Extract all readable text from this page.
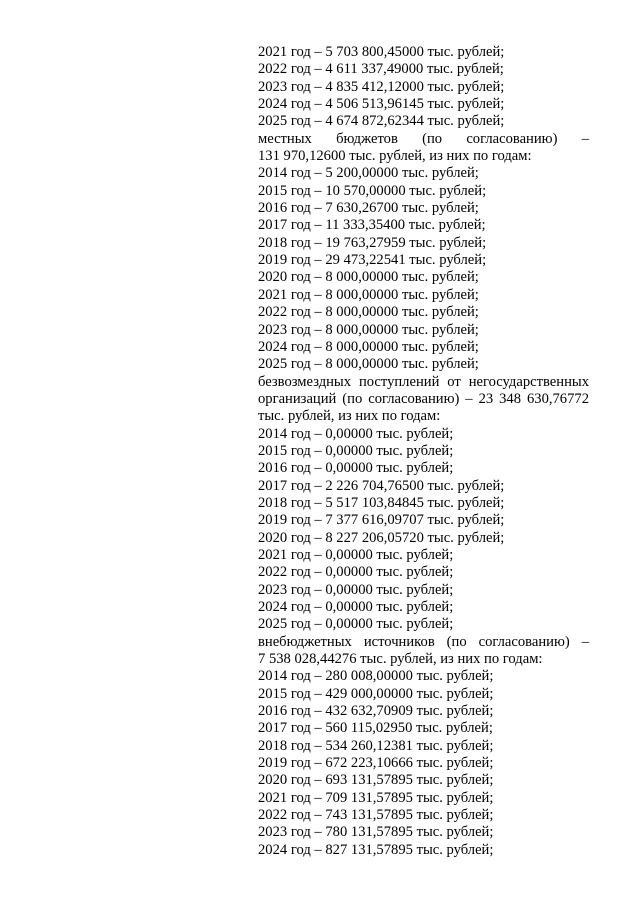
2021 год – 5 703 800,45000 тыс. рублей;
2022 год – 4 611 337,49000 тыс. рублей;
2023 год – 4 835 412,12000 тыс. рублей;
2024 год – 4 506 513,96145 тыс. рублей;
2025 год – 4 674 872,62344 тыс. рублей;
местных бюджетов (по согласованию) –
131 970,12600 тыс. рублей, из них по годам:
2014 год – 5 200,00000 тыс. рублей;
2015 год – 10 570,00000 тыс. рублей;
2016 год – 7 630,26700 тыс. рублей;
2017 год – 11 333,35400 тыс. рублей;
2018 год – 19 763,27959 тыс. рублей;
2019 год – 29 473,22541 тыс. рублей;
2020 год – 8 000,00000 тыс. рублей;
2021 год – 8 000,00000 тыс. рублей;
2022 год – 8 000,00000 тыс. рублей;
2023 год – 8 000,00000 тыс. рублей;
2024 год – 8 000,00000 тыс. рублей;
2025 год – 8 000,00000 тыс. рублей;
безвозмездных поступлений от негосударственных
организаций (по согласованию) – 23 348 630,76772
тыс. рублей, из них по годам:
2014 год – 0,00000 тыс. рублей;
2015 год – 0,00000 тыс. рублей;
2016 год – 0,00000 тыс. рублей;
2017 год – 2 226 704,76500 тыс. рублей;
2018 год – 5 517 103,84845 тыс. рублей;
2019 год – 7 377 616,09707 тыс. рублей;
2020 год – 8 227 206,05720 тыс. рублей;
2021 год – 0,00000 тыс. рублей;
2022 год – 0,00000 тыс. рублей;
2023 год – 0,00000 тыс. рублей;
2024 год – 0,00000 тыс. рублей;
2025 год – 0,00000 тыс. рублей;
внебюджетных источников (по согласованию) –
7 538 028,44276 тыс. рублей, из них по годам:
2014 год – 280 008,00000 тыс. рублей;
2015 год – 429 000,00000 тыс. рублей;
2016 год – 432 632,70909 тыс. рублей;
2017 год – 560 115,02950 тыс. рублей;
2018 год – 534 260,12381 тыс. рублей;
2019 год – 672 223,10666 тыс. рублей;
2020 год – 693 131,57895 тыс. рублей;
2021 год – 709 131,57895 тыс. рублей;
2022 год – 743 131,57895 тыс. рублей;
2023 год – 780 131,57895 тыс. рублей;
2024 год – 827 131,57895 тыс. рублей;
